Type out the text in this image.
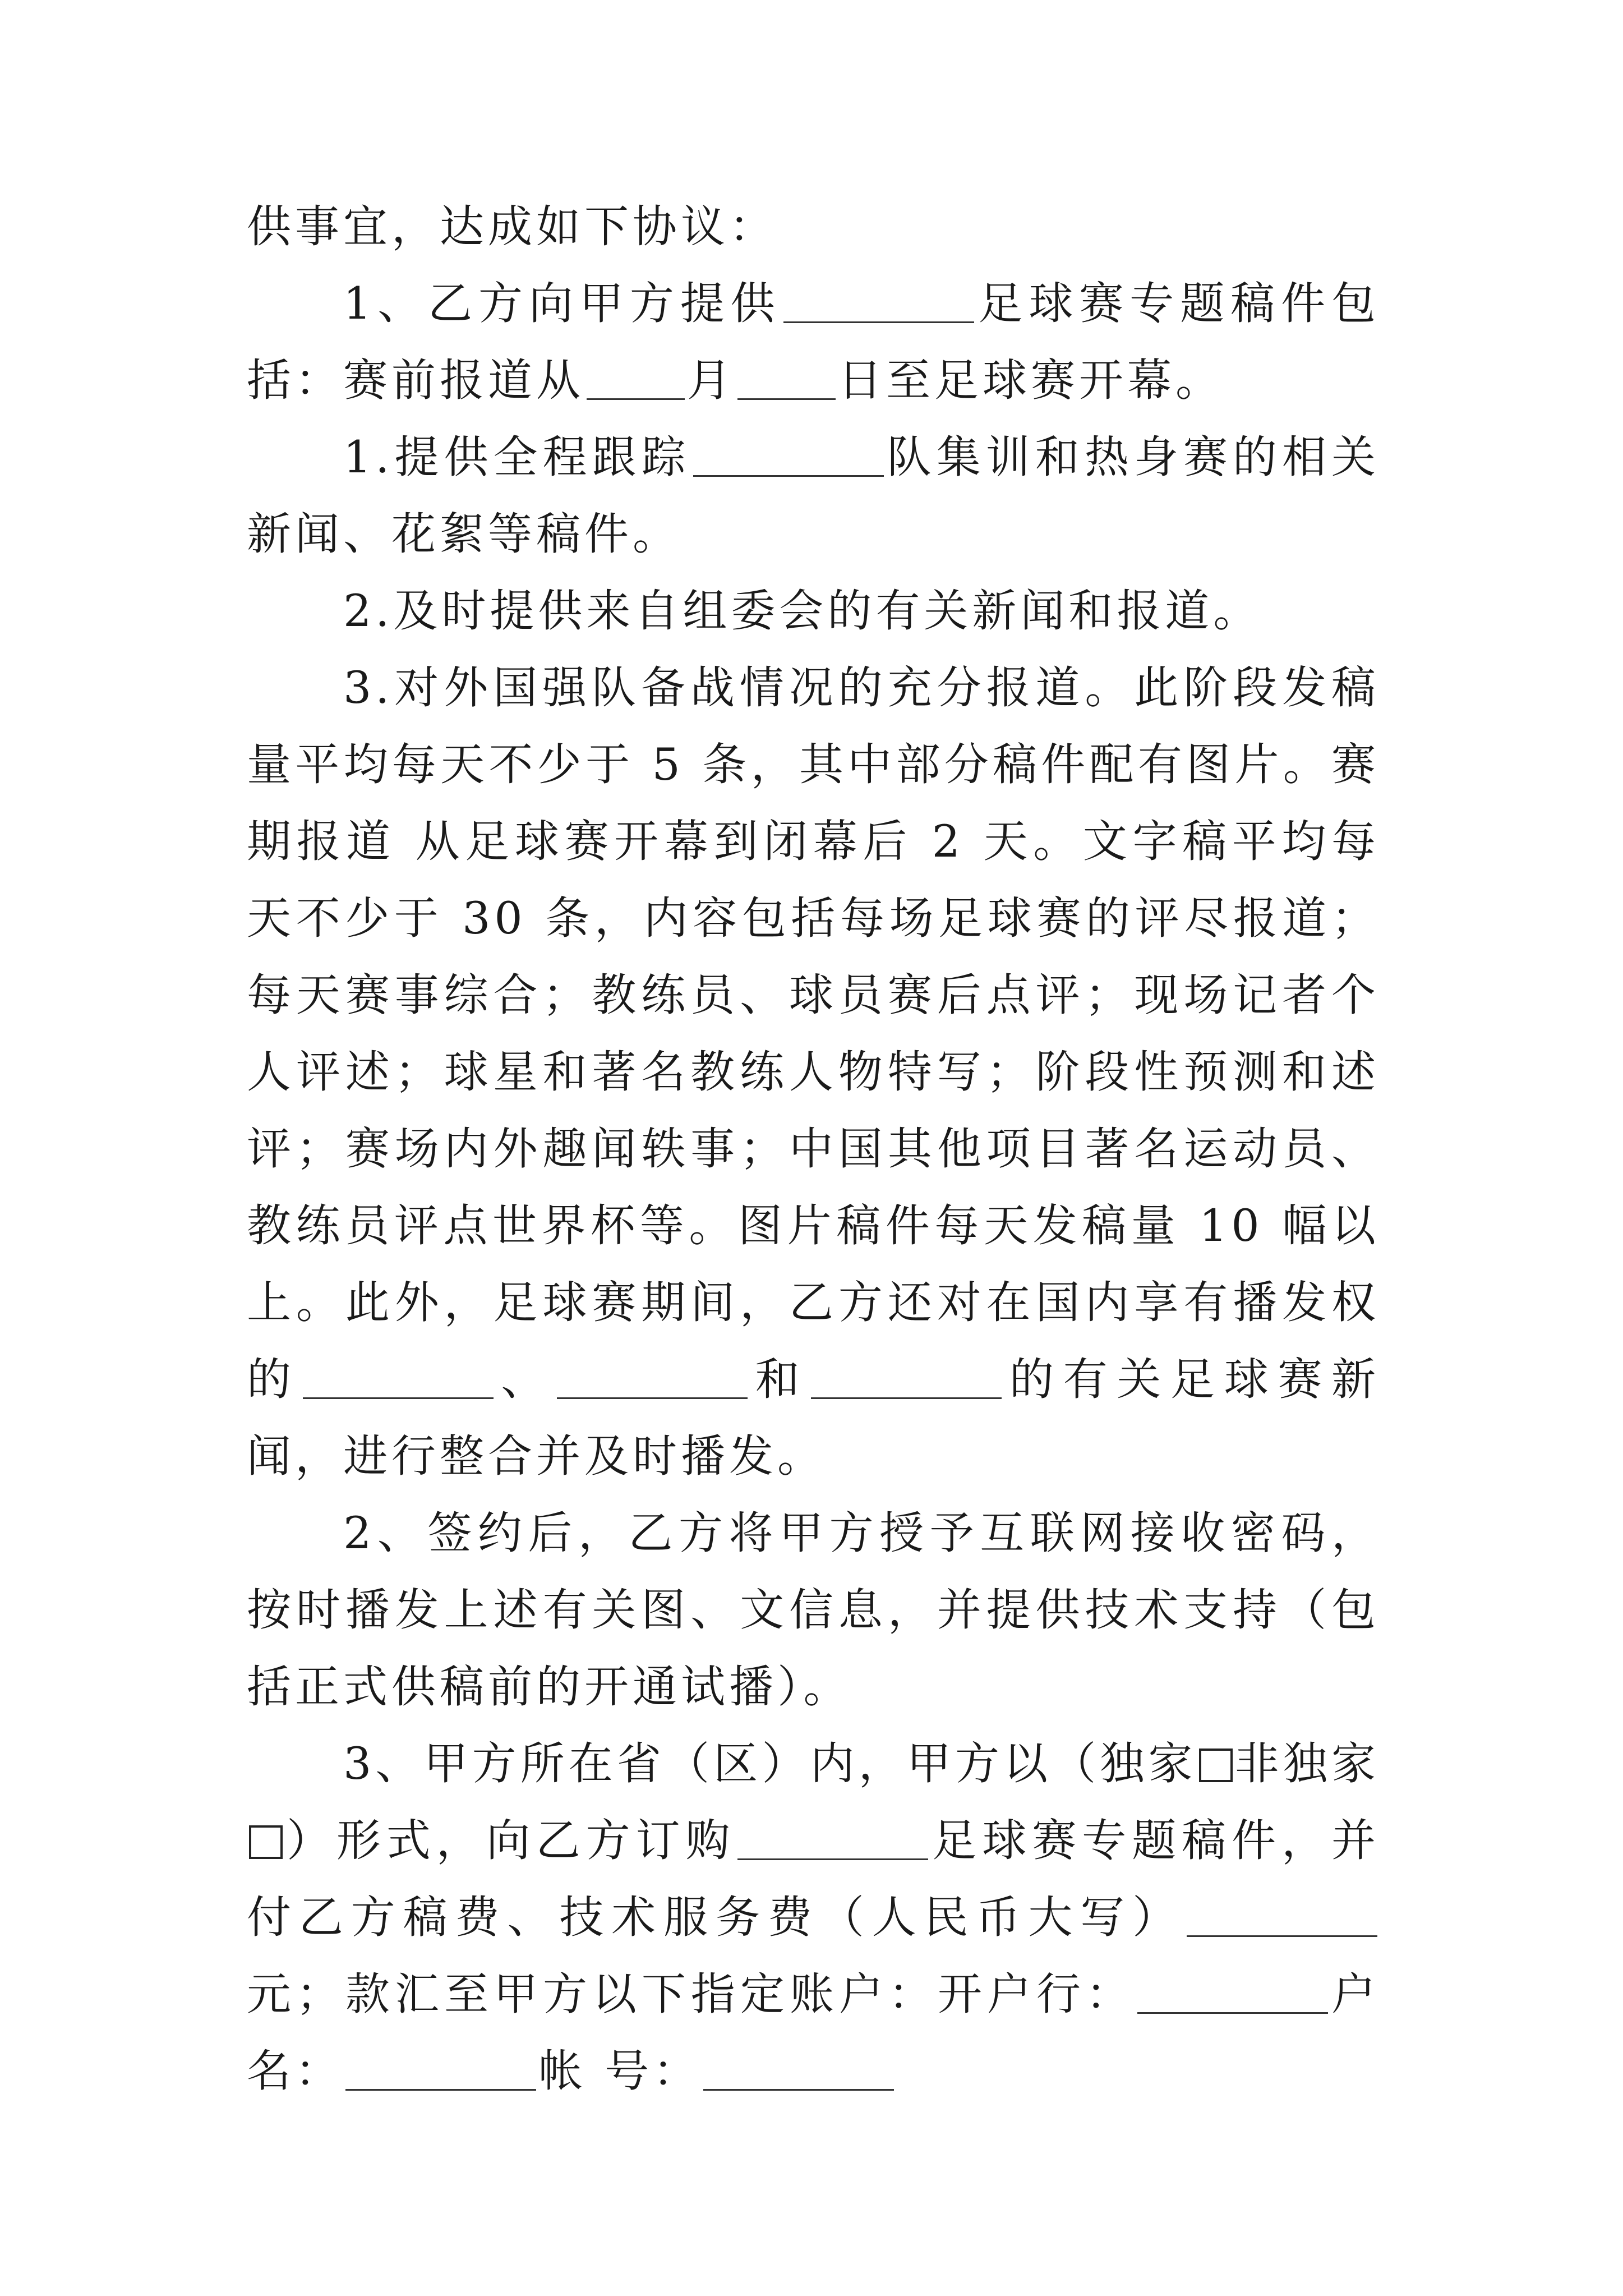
供事宜，达成如下协议：

1、乙方向甲方提供	足球赛专题稿件包括：赛前报道从 月 日至足球赛开幕。

1.提供全程跟踪	队集训和热身赛的相关新闻、花絮等稿件。

2.及时提供来自组委会的有关新闻和报道。

3.对外国强队备战情况的充分报道。此阶段发稿量平均每天不少于 5 条，其中部分稿件配有图片。赛期报道 从足球赛开幕到闭幕后 2 天。文字稿平均每天不少于 30 条，内容包括每场足球赛的评尽报道；每天赛事综合；教练员、球员赛后点评；现场记者个人评述；球星和著名教练人物特写；阶段性预测和述评；赛场内外趣闻轶事；中国其他项目著名运动员、教练员评点世界杯等。图片稿件每天发稿量 10 幅以上。此外，足球赛期间，乙方还对在国内享有播发权的	、	和	的有关足球赛新闻，进行整合并及时播发。

2、签约后，乙方将甲方授予互联网接收密码，按时播发上述有关图、文信息，并提供技术支持（包括正式供稿前的开通试播）。

3、甲方所在省（区）内，甲方以（独家 非独家）形式，向乙方订购	足球赛专题稿件，并付乙方稿费、技术服务费（人民币大写）元；款汇至甲方以下指定账户：开户行：	户 名：	帐 号：
